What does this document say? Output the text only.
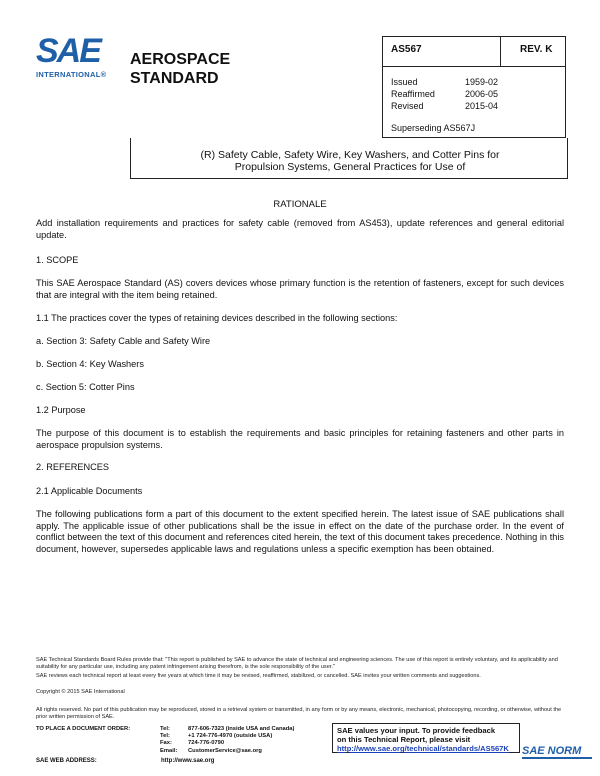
SAE
INTERNATIONAL®
AEROSPACE
STANDARD
AS567	REV. K
Issued	1959-02
Reaffirmed	2006-05
Revised	2015-04
Superseding AS567J
(R) Safety Cable, Safety Wire, Key Washers, and Cotter Pins for
Propulsion Systems, General Practices for Use of
RATIONALE
Add installation requirements and practices for safety cable (removed from AS453), update references and general editorial update.
1. SCOPE
This SAE Aerospace Standard (AS) covers devices whose primary function is the retention of fasteners, except for such devices that are integral with the item being retained.
1.1 The practices cover the types of retaining devices described in the following sections:
a. Section 3: Safety Cable and Safety Wire
b. Section 4: Key Washers
c. Section 5: Cotter Pins
1.2 Purpose
The purpose of this document is to establish the requirements and basic principles for retaining fasteners and other parts in aerospace propulsion systems.
2. REFERENCES
2.1 Applicable Documents
The following publications form a part of this document to the extent specified herein. The latest issue of SAE publications shall apply. The applicable issue of other publications shall be the issue in effect on the date of the purchase order. In the event of conflict between the text of this document and references cited herein, the text of this document takes precedence. Nothing in this document, however, supersedes applicable laws and regulations unless a specific exemption has been obtained.
SAE Technical Standards Board Rules provide that: "This report is published by SAE to advance the state of technical and engineering sciences. The use of this report is entirely voluntary, and its applicability and suitability for any particular use, including any patent infringement arising therefrom, is the sole responsibility of the user."
SAE reviews each technical report at least every five years at which time it may be revised, reaffirmed, stabilized, or cancelled. SAE invites your written comments and suggestions.
Copyright © 2015 SAE International
All rights reserved. No part of this publication may be reproduced, stored in a retrieval system or transmitted, in any form or by any means, electronic, mechanical, photocopying, recording, or otherwise, without the prior written permission of SAE.
TO PLACE A DOCUMENT ORDER:	Tel:	877-606-7323 (inside USA and Canada)
Tel:	+1 724-776-4970 (outside USA)
Fax:	724-776-0790
Email:	CustomerService@sae.org
SAE WEB ADDRESS:	http://www.sae.org
SAE values your input. To provide feedback
on this Technical Report, please visit
http://www.sae.org/technical/standards/AS567K	SAE NORM
